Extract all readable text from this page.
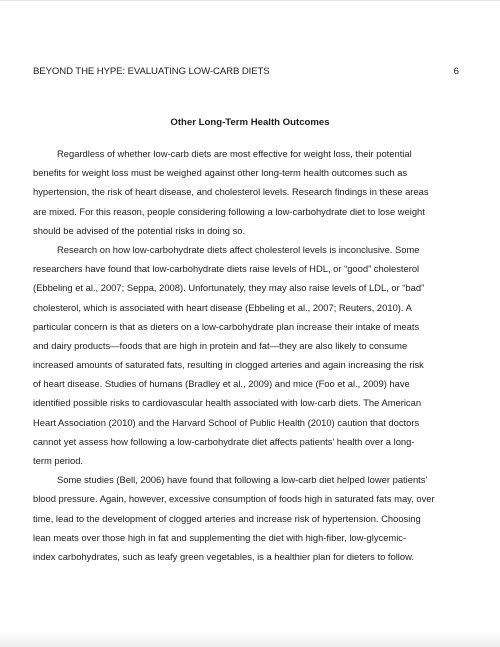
BEYOND THE HYPE: EVALUATING LOW-CARB DIETS	6
Other Long-Term Health Outcomes
Regardless of whether low-carb diets are most effective for weight loss, their potential
benefits for weight loss must be weighed against other long-term health outcomes such as
hypertension, the risk of heart disease, and cholesterol levels. Research findings in these areas
are mixed. For this reason, people considering following a low-carbohydrate diet to lose weight
should be advised of the potential risks in doing so.
Research on how low-carbohydrate diets affect cholesterol levels is inconclusive. Some
researchers have found that low-carbohydrate diets raise levels of HDL, or “good” cholesterol
(Ebbeling et al., 2007; Seppa, 2008). Unfortunately, they may also raise levels of LDL, or “bad”
cholesterol, which is associated with heart disease (Ebbeling et al., 2007; Reuters, 2010). A
particular concern is that as dieters on a low-carbohydrate plan increase their intake of meats
and dairy products—foods that are high in protein and fat—they are also likely to consume
increased amounts of saturated fats, resulting in clogged arteries and again increasing the risk
of heart disease. Studies of humans (Bradley et al., 2009) and mice (Foo et al., 2009) have
identified possible risks to cardiovascular health associated with low-carb diets. The American
Heart Association (2010) and the Harvard School of Public Health (2010) caution that doctors
cannot yet assess how following a low-carbohydrate diet affects patients’ health over a long-
term period.
Some studies (Bell, 2006) have found that following a low-carb diet helped lower patients’
blood pressure. Again, however, excessive consumption of foods high in saturated fats may, over
time, lead to the development of clogged arteries and increase risk of hypertension. Choosing
lean meats over those high in fat and supplementing the diet with high-fiber, low-glycemic-
index carbohydrates, such as leafy green vegetables, is a healthier plan for dieters to follow.
